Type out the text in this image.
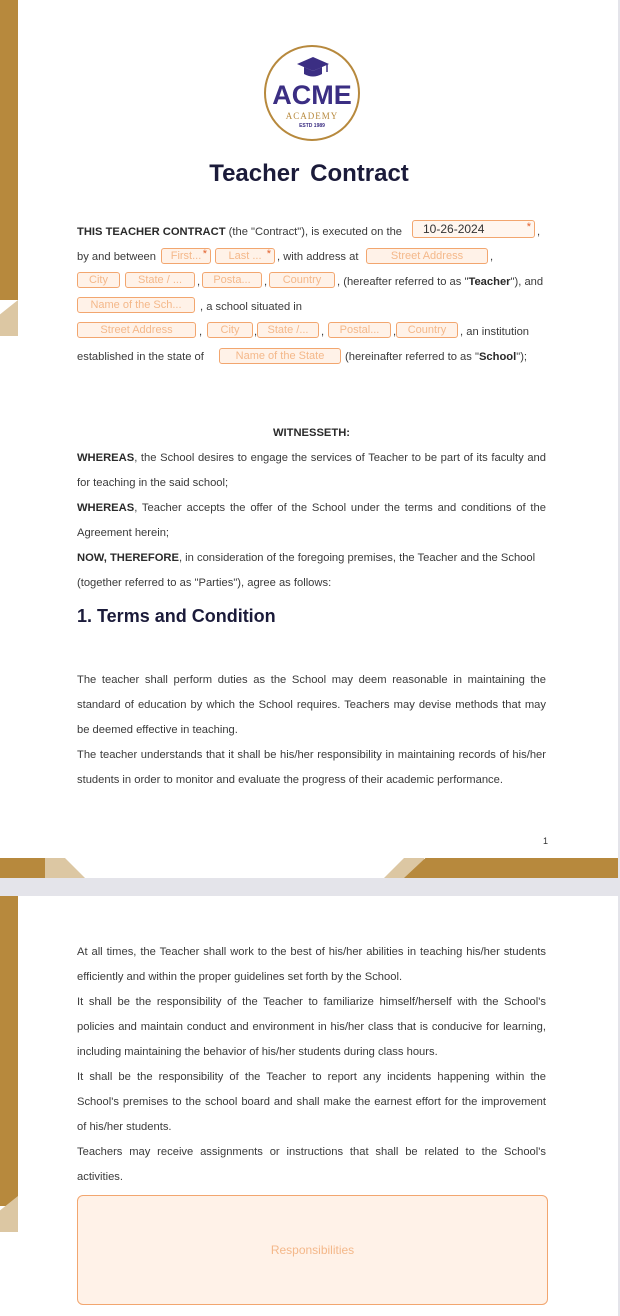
ACME
ACADEMY
ESTD 1989
Teacher Contract
THIS TEACHER CONTRACT (the "Contract"), is executed on the	10-26-2024	* ,
by and between	First... *	Last ... * , with address at	Street Address	,
City	State / ...	,	Posta...	,	Country	, (hereafter referred to as "Teacher"), and
Name of the Sch...	, a school situated in
Street Address	,	City	, State /...	,	Postal...	,	Country	, an institution
established in the state of	Name of the State	(hereinafter referred to as "School");
WITNESSETH:
WHEREAS, the School desires to engage the services of Teacher to be part of its faculty and for teaching in the said school;
WHEREAS, Teacher accepts the offer of the School under the terms and conditions of the Agreement herein;
NOW, THEREFORE, in consideration of the foregoing premises, the Teacher and the School (together referred to as "Parties"), agree as follows:
1. Terms and Condition
The teacher shall perform duties as the School may deem reasonable in maintaining the standard of education by which the School requires. Teachers may devise methods that may be deemed effective in teaching.
The teacher understands that it shall be his/her responsibility in maintaining records of his/her students in order to monitor and evaluate the progress of their academic performance.
1
At all times, the Teacher shall work to the best of his/her abilities in teaching his/her students efficiently and within the proper guidelines set forth by the School.
It shall be the responsibility of the Teacher to familiarize himself/herself with the School's policies and maintain conduct and environment in his/her class that is conducive for learning, including maintaining the behavior of his/her students during class hours.
It shall be the responsibility of the Teacher to report any incidents happening within the School's premises to the school board and shall make the earnest effort for the improvement of his/her students.
Teachers may receive assignments or instructions that shall be related to the School's activities.
Responsibilities
